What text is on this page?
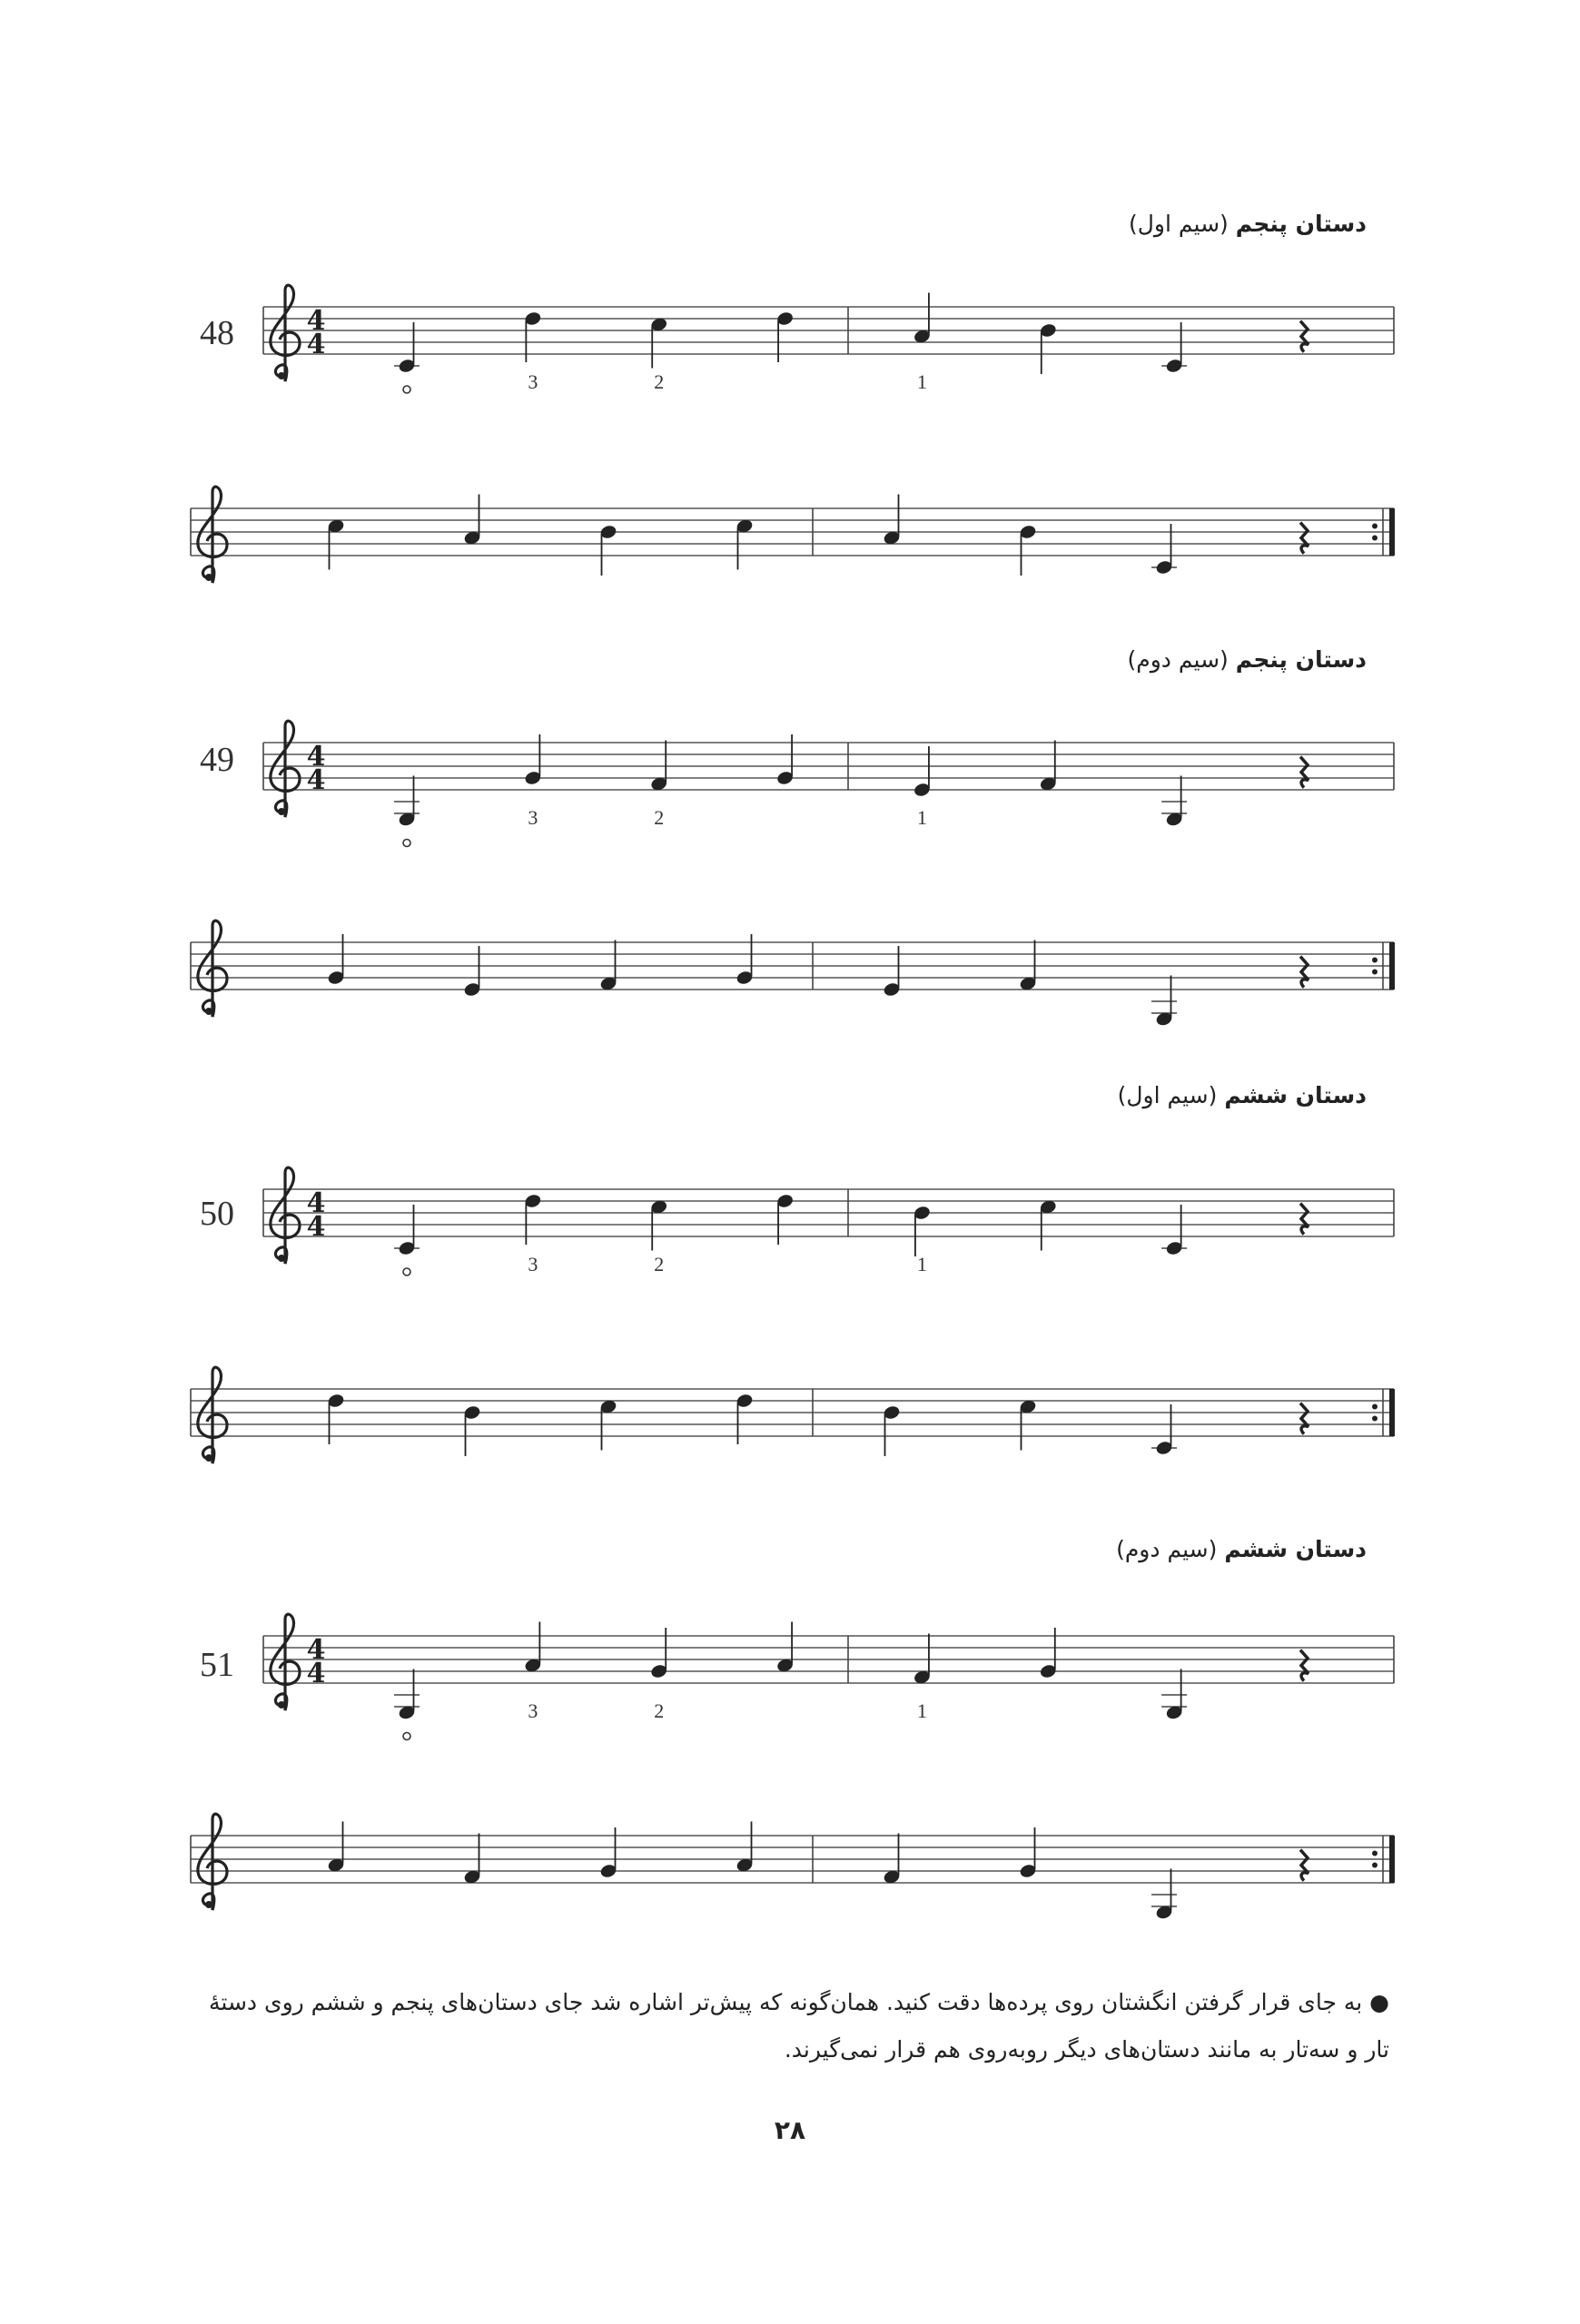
دستان پنجم (سیم اول)
دستان پنجم (سیم دوم)
دستان ششم (سیم اول)
دستان ششم (سیم دوم)
48
49
50
51
4
4
3	2	1
4
4
3	2	1
4
4
3	2	1
4
4
3	2	1
● به جای قرار گرفتن انگشتان روی پرده‌ها دقت کنید. همان‌گونه که پیش‌تر اشاره شد جای دستان‌های پنجم و ششم روی دستهٔ تار و سه‌تار به مانند دستان‌های دیگر روبه‌روی هم قرار نمی‌گیرند.
۲۸
